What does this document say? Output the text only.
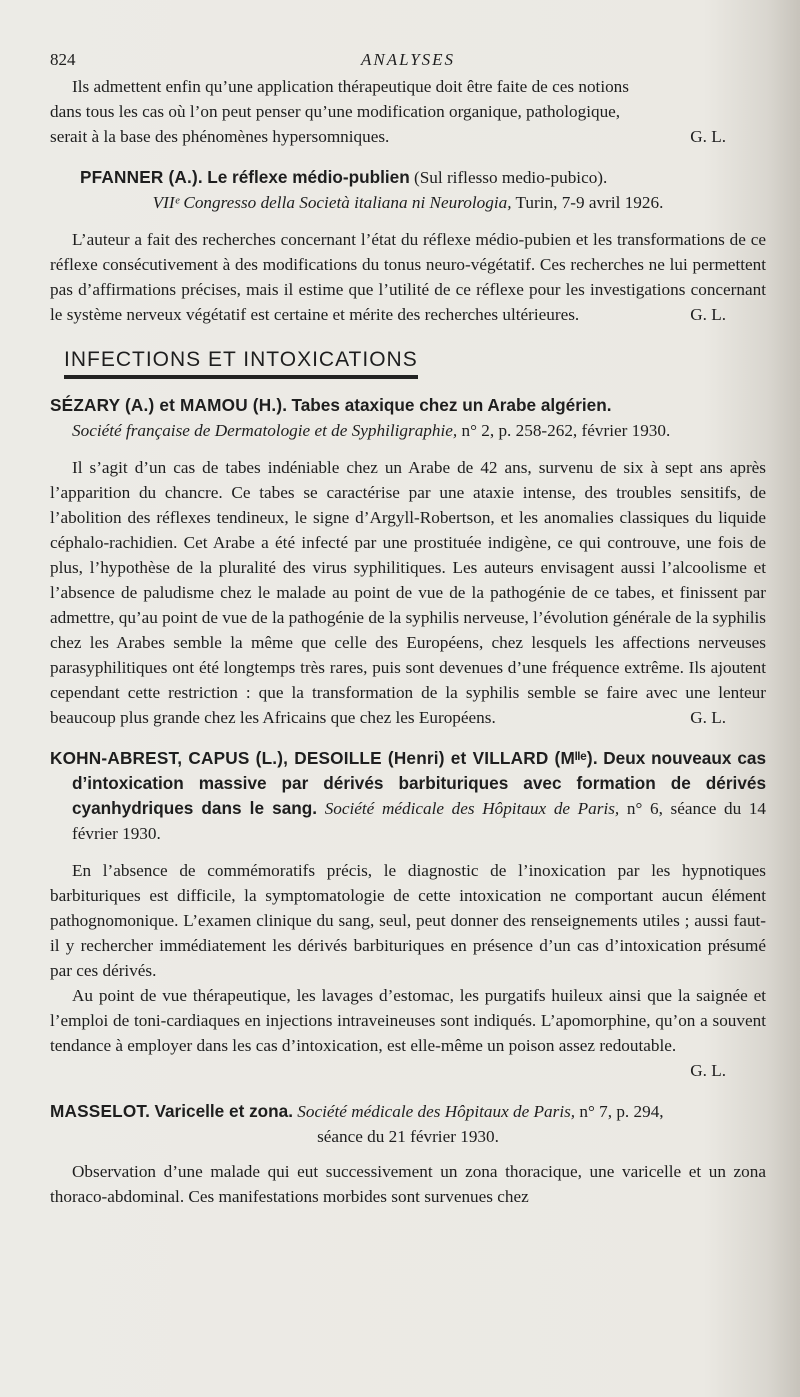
824	ANALYSES

Ils admettent enfin qu’une application thérapeutique doit être faite de ces notions

dans tous les cas où l’on peut penser qu’une modification organique, pathologique,

serait à la base des phénomènes hypersomniques.	G. L.

PFANNER (A.). Le réflexe médio-publien (Sul riflesso medio-pubico).
VIIᵉ Congresso della Società italiana ni Neurologia, Turin, 7-9 avril 1926.

L’auteur a fait des recherches concernant l’état du réflexe médio-pubien et les transformations de ce réflexe consécutivement à des modifications du tonus neuro-végétatif. Ces recherches ne lui permettent pas d’affirmations précises, mais il estime que l’utilité de ce réflexe pour les investigations concernant le système nerveux végétatif est certaine et mérite des recherches ultérieures.	G. L.

INFECTIONS ET INTOXICATIONS
SÉZARY (A.) et MAMOU (H.). Tabes ataxique chez un Arabe algérien.
Société française de Dermatologie et de Syphiligraphie, n° 2, p. 258-262, février 1930.

Il s’agit d’un cas de tabes indéniable chez un Arabe de 42 ans, survenu de six à sept ans après l’apparition du chancre. Ce tabes se caractérise par une ataxie intense, des troubles sensitifs, de l’abolition des réflexes tendineux, le signe d’Argyll-Robertson, et les anomalies classiques du liquide céphalo-rachidien. Cet Arabe a été infecté par une prostituée indigène, ce qui controuve, une fois de plus, l’hypothèse de la pluralité des virus syphilitiques. Les auteurs envisagent aussi l’alcoolisme et l’absence de paludisme chez le malade au point de vue de la pathogénie de ce tabes, et finissent par admettre, qu’au point de vue de la pathogénie de la syphilis nerveuse, l’évolution générale de la syphilis chez les Arabes semble la même que celle des Européens, chez lesquels les affections nerveuses parasyphilitiques ont été longtemps très rares, puis sont devenues d’une fréquence extrême. Ils ajoutent cependant cette restriction : que la transformation de la syphilis semble se faire avec une lenteur beaucoup plus grande chez les Africains que chez les Européens.	G. L.

KOHN-ABREST, CAPUS (L.), DESOILLE (Henri) et VILLARD (Mˡˡᵉ). Deux nouveaux cas d’intoxication massive par dérivés barbituriques avec formation de dérivés cyanhydriques dans le sang. Société médicale des Hôpitaux de Paris, n° 6, séance du 14 février 1930.

En l’absence de commémoratifs précis, le diagnostic de l’inoxication par les hypnotiques barbituriques est difficile, la symptomatologie de cette intoxication ne comportant aucun élément pathognomonique. L’examen clinique du sang, seul, peut donner des renseignements utiles ; aussi faut-il y rechercher immédiatement les dérivés barbituriques en présence d’un cas d’intoxication présumé par ces dérivés.

Au point de vue thérapeutique, les lavages d’estomac, les purgatifs huileux ainsi que la saignée et l’emploi de toni-cardiaques en injections intraveineuses sont indiqués. L’apomorphine, qu’on a souvent tendance à employer dans les cas d’intoxication, est elle-même un poison assez redoutable.
G. L.

MASSELOT. Varicelle et zona. Société médicale des Hôpitaux de Paris, n° 7, p. 294,
séance du 21 février 1930.

Observation d’une malade qui eut successivement un zona thoracique, une varicelle et un zona thoraco-abdominal. Ces manifestations morbides sont survenues chez
